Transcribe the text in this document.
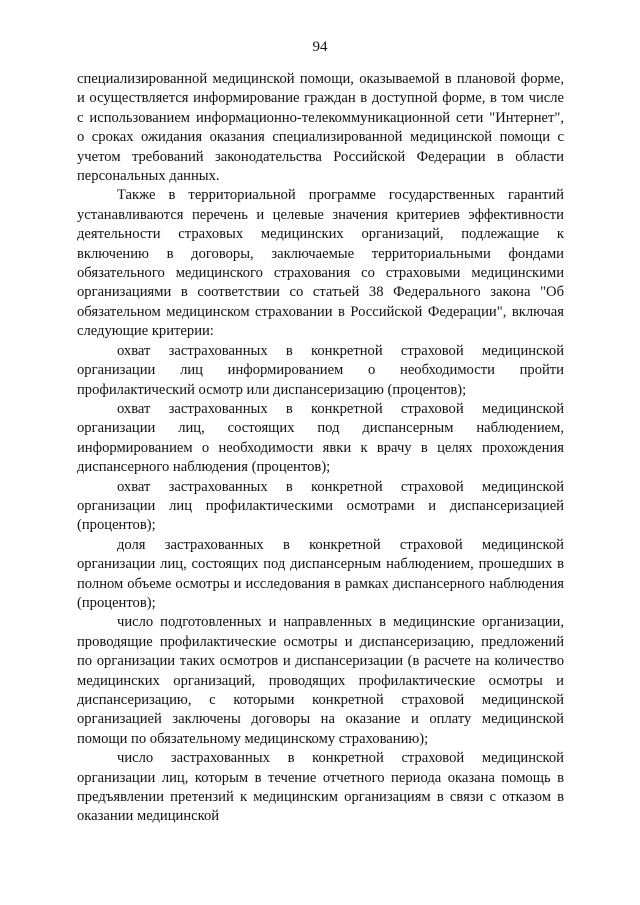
94

специализированной медицинской помощи, оказываемой в плановой форме, и осуществляется информирование граждан в доступной форме, в том числе с использованием информационно-телекоммуникационной сети "Интернет", о сроках ожидания оказания специализированной медицинской помощи с учетом требований законодательства Российской Федерации в области персональных данных.

Также в территориальной программе государственных гарантий устанавливаются перечень и целевые значения критериев эффективности деятельности страховых медицинских организаций, подлежащие к включению в договоры, заключаемые территориальными фондами обязательного медицинского страхования со страховыми медицинскими организациями в соответствии со статьей 38 Федерального закона "Об обязательном медицинском страховании в Российской Федерации", включая следующие критерии:

охват застрахованных в конкретной страховой медицинской организации лиц информированием о необходимости пройти профилактический осмотр или диспансеризацию (процентов);

охват застрахованных в конкретной страховой медицинской организации лиц, состоящих под диспансерным наблюдением, информированием о необходимости явки к врачу в целях прохождения диспансерного наблюдения (процентов);

охват застрахованных в конкретной страховой медицинской организации лиц профилактическими осмотрами и диспансеризацией (процентов);

доля застрахованных в конкретной страховой медицинской организации лиц, состоящих под диспансерным наблюдением, прошедших в полном объеме осмотры и исследования в рамках диспансерного наблюдения (процентов);

число подготовленных и направленных в медицинские организации, проводящие профилактические осмотры и диспансеризацию, предложений по организации таких осмотров и диспансеризации (в расчете на количество медицинских организаций, проводящих профилактические осмотры и диспансеризацию, с которыми конкретной страховой медицинской организацией заключены договоры на оказание и оплату медицинской помощи по обязательному медицинскому страхованию);

число застрахованных в конкретной страховой медицинской организации лиц, которым в течение отчетного периода оказана помощь в предъявлении претензий к медицинским организациям в связи с отказом в оказании медицинской
